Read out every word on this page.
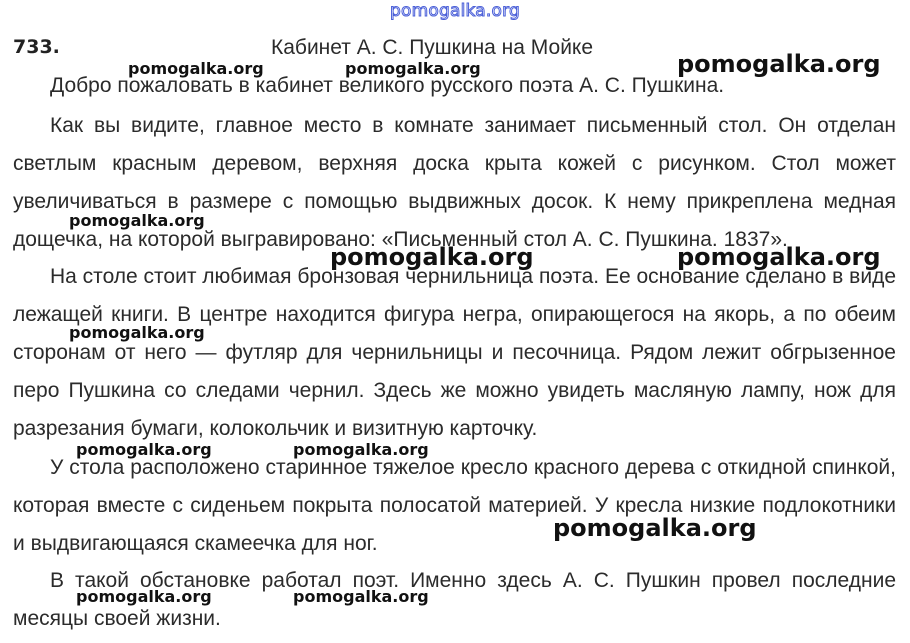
pomogalka.org
733.	Кабинет А. С. Пушкина на Мойке

Добро пожаловать в кабинет великого русского поэта А. С. Пушкина.

Как вы видите, главное место в комнате занимает письменный стол. Он отделан светлым красным деревом, верхняя доска крыта кожей с рисунком. Стол может увеличиваться в размере с помощью выдвижных досок. К нему прикреплена медная дощечка, на которой выгравировано: «Письменный стол А. С. Пушкина. 1837».

На столе стоит любимая бронзовая чернильница поэта. Ее основание сделано в виде лежащей книги. В центре находится фигура негра, опирающегося на якорь, а по обеим сторонам от него — футляр для чернильницы и песочница. Рядом лежит обгрызенное перо Пушкина со следами чернил. Здесь же можно увидеть масляную лампу, нож для разрезания бумаги, колокольчик и визитную карточку.

У стола расположено старинное тяжелое кресло красного дерева с откидной спинкой, которая вместе с сиденьем покрыта полосатой материей. У кресла низкие подлокотники и выдвигающаяся скамеечка для ног.

В такой обстановке работал поэт. Именно здесь А. С. Пушкин провел последние месяцы своей жизни.

pomogalka.org	pomogalka.org	pomogalka.org
pomogalka.org
pomogalka.org	pomogalka.org
pomogalka.org
pomogalka.org	pomogalka.org
pomogalka.org
pomogalka.org	pomogalka.org
